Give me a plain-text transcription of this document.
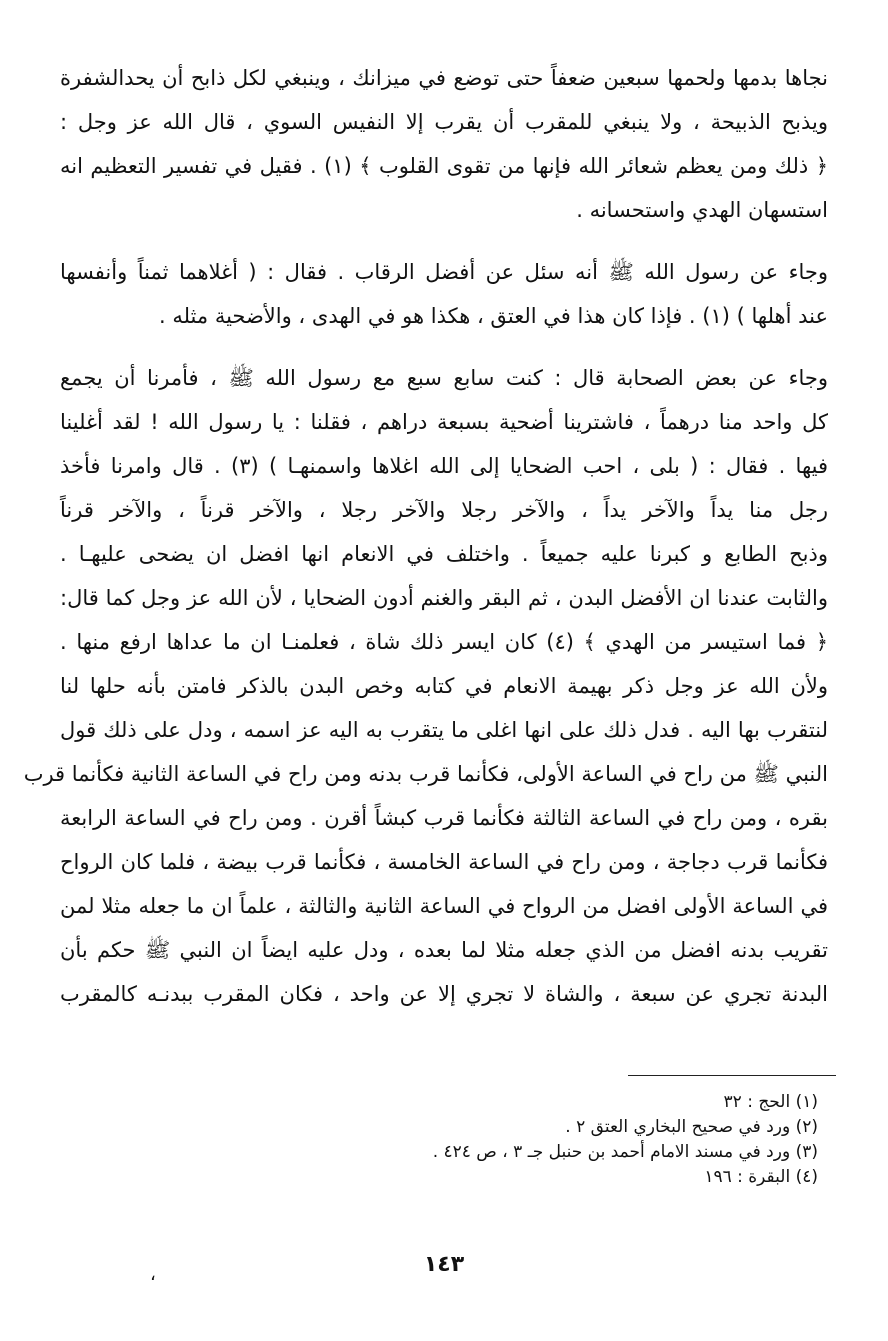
نجاها بدمها ولحمها سبعين ضعفاً حتى توضع في ميزانك ، وينبغي لكل ذابح أن يحدالشفرة
ويذبح الذبيحة ، ولا ينبغي للمقرب أن يقرب إلا النفيس السوي ، قال الله عز وجل :
﴿ ذلك ومن يعظم شعائر الله فإنها من تقوى القلوب ﴾ (١) . فقيل في تفسير التعظيم انه
استسهان الهدي واستحسانه .

وجاء عن رسول الله ﷺ أنه سئل عن أفضل الرقاب . فقال : ( أغلاهما ثمناً وأنفسها
عند أهلها ) (١) . فإذا كان هذا في العتق ، هكذا هو في الهدى ، والأضحية مثله .

وجاء عن بعض الصحابة قال : كنت سابع سبع مع رسول الله ﷺ ، فأمرنا أن يجمع
كل واحد منا درهماً ، فاشترينا أضحية بسبعة دراهم ، فقلنا : يا رسول الله ! لقد أغلينا
فيها . فقال : ( بلى ، احب الضحايا إلى الله اغلاها واسمنهـا ) (٣) . قال وامرنا فأخذ
رجل منا يداً والآخر يداً ، والآخر رجلا والآخر رجلا ، والآخر قرناً ، والآخر قرناً
وذبح الطابع و كبرنا عليه جميعاً . واختلف في الانعام انها افضل ان يضحى عليهـا .
والثابت عندنا ان الأفضل البدن ، ثم البقر والغنم أدون الضحايا ، لأن الله عز وجل كما قال:
﴿ فما استيسر من الهدي ﴾ (٤) كان ايسر ذلك شاة ، فعلمنـا ان ما عداها ارفع منها .
ولأن الله عز وجل ذكر بهيمة الانعام في كتابه وخص البدن بالذكر فامتن بأنه حلها لنا
لنتقرب بها اليه . فدل ذلك على انها اغلى ما يتقرب به اليه عز اسمه ، ودل على ذلك قول
النبي ﷺ من راح في الساعة الأولى، فكأنما قرب بدنه ومن راح في الساعة الثانية فكأنما قرب
بقره ، ومن راح في الساعة الثالثة فكأنما قرب كبشاً أقرن . ومن راح في الساعة الرابعة
فكأنما قرب دجاجة ، ومن راح في الساعة الخامسة ، فكأنما قرب بيضة ، فلما كان الرواح
في الساعة الأولى افضل من الرواح في الساعة الثانية والثالثة ، علماً ان ما جعله مثلا لمن
تقريب بدنه افضل من الذي جعله مثلا لما بعده ، ودل عليه ايضاً ان النبي ﷺ حكم بأن
البدنة تجري عن سبعة ، والشاة لا تجري إلا عن واحد ، فكان المقرب ببدنـه كالمقرب

(١) الحج : ٣٢
(٢) ورد في صحيح البخاري العتق ٢ .
(٣) ورد في مسند الامام أحمد بن حنبل جـ ٣ ، ص ٤٢٤ .
(٤) البقرة : ١٩٦
١٤٣
،
